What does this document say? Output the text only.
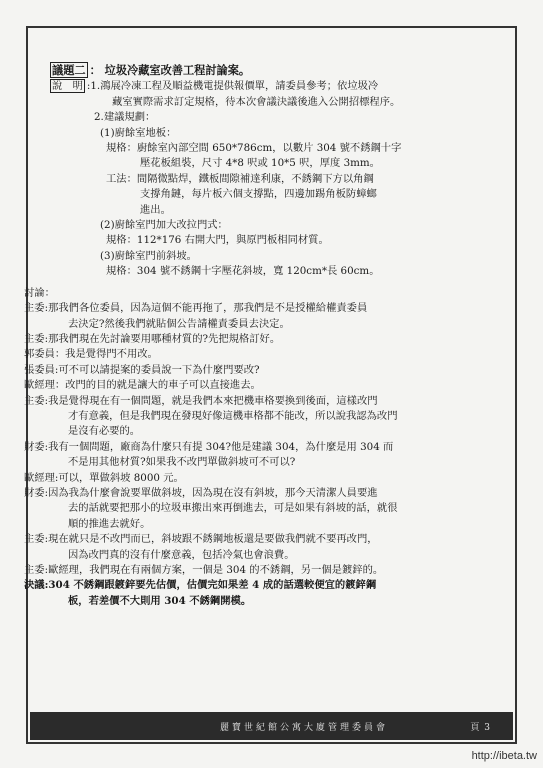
議題二 ： 垃圾冷藏室改善工程討論案。
說　明 :1.鴻展冷凍工程及順益機電提供報價單，請委員參考；依垃圾冷
藏室實際需求訂定規格，待本次會議決議後進入公開招標程序。
2.建議規劃：
(1)廚餘室地板：
規格：廚餘室內部空間 650*786cm，以數片 304 號不銹鋼十字
壓花板組裝，尺寸 4*8 呎或 10*5 呎，厚度 3mm。
工法：間隔微點焊，鐵板間隙補達利康，不銹鋼下方以角鋼
支撐角鏈，每片板六個支撐點，四邊加踢角板防蟑螂
進出。
(2)廚餘室門加大改拉門式：
規格：112*176 右開大門，與原門板相同材質。
(3)廚餘室門前斜坡。
規格：304 號不銹鋼十字壓花斜坡，寬 120cm*長 60cm。
討論：
主委:那我們各位委員，因為這個不能再拖了，那我們是不是授權給權責委員
去決定?然後我們就貼個公告請權責委員去決定。
主委:那我們現在先討論要用哪種材質的?先把規格訂好。
郭委員：我是覺得門不用改。
張委員:可不可以請提案的委員說一下為什麼門要改?
歐經理：改門的目的就是讓大的車子可以直接進去。
主委:我是覺得現在有一個問題，就是我們本來把機車格要換到後面，這樣改門
才有意義，但是我們現在發現好像這機車格都不能改，所以說我認為改門
是沒有必要的。
財委:我有一個問題，廠商為什麼只有提 304?他是建議 304，為什麼是用 304 而
不是用其他材質?如果我不改門單做斜坡可不可以?
歐經理:可以，單做斜坡 8000 元。
財委:因為我為什麼會說要單做斜坡，因為現在沒有斜坡，那今天清潔人員要進
去的話就要把那小的垃圾車搬出來再倒進去，可是如果有斜坡的話，就很
順的推進去就好。
主委:現在就只是不改門而已，斜坡跟不銹鋼地板還是要做我們就不要再改門，
因為改門真的沒有什麼意義，包括冷氣也會浪費。
主委:歐經理，我們現在有兩個方案，一個是 304 的不銹鋼，另一個是鍍鋅的。
決議:304 不銹鋼跟鍍鋅要先估價，估價完如果差 4 成的話選較便宜的鍍鋅鋼
板，若差價不大則用 304 不銹鋼開模。
麗寶世紀館公寓大廈管理委員會	頁 3
http://ibeta.tw
